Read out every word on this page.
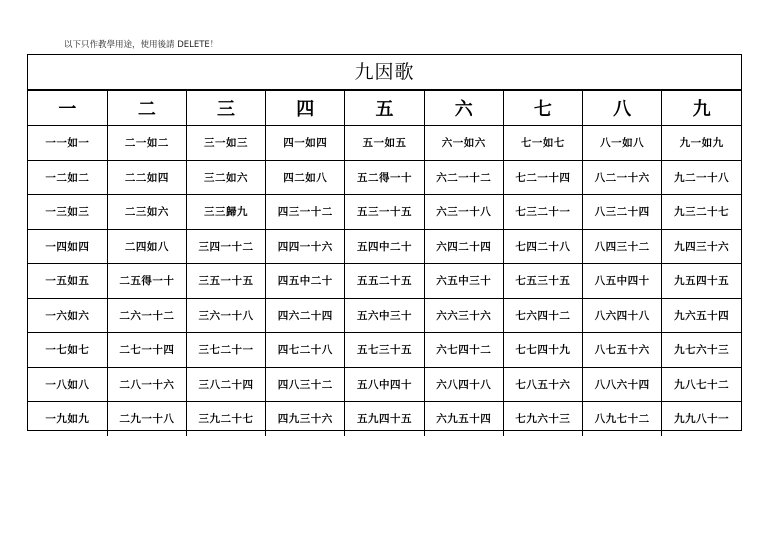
以下只作教學用途，使用後請 DELETE！
九因歌
一	二	三	四	五	六	七	八	九
一一如一	二一如二	三一如三	四一如四	五一如五	六一如六	七一如七	八一如八	九一如九
一二如二	二二如四	三二如六	四二如八	五二得一十	六二一十二	七二一十四	八二一十六	九二一十八
一三如三	二三如六	三三歸九	四三一十二	五三一十五	六三一十八	七三二十一	八三二十四	九三二十七
一四如四	二四如八	三四一十二	四四一十六	五四中二十	六四二十四	七四二十八	八四三十二	九四三十六
一五如五	二五得一十	三五一十五	四五中二十	五五二十五	六五中三十	七五三十五	八五中四十	九五四十五
一六如六	二六一十二	三六一十八	四六二十四	五六中三十	六六三十六	七六四十二	八六四十八	九六五十四
一七如七	二七一十四	三七二十一	四七二十八	五七三十五	六七四十二	七七四十九	八七五十六	九七六十三
一八如八	二八一十六	三八二十四	四八三十二	五八中四十	六八四十八	七八五十六	八八六十四	九八七十二
一九如九	二九一十八	三九二十七	四九三十六	五九四十五	六九五十四	七九六十三	八九七十二	九九八十一
